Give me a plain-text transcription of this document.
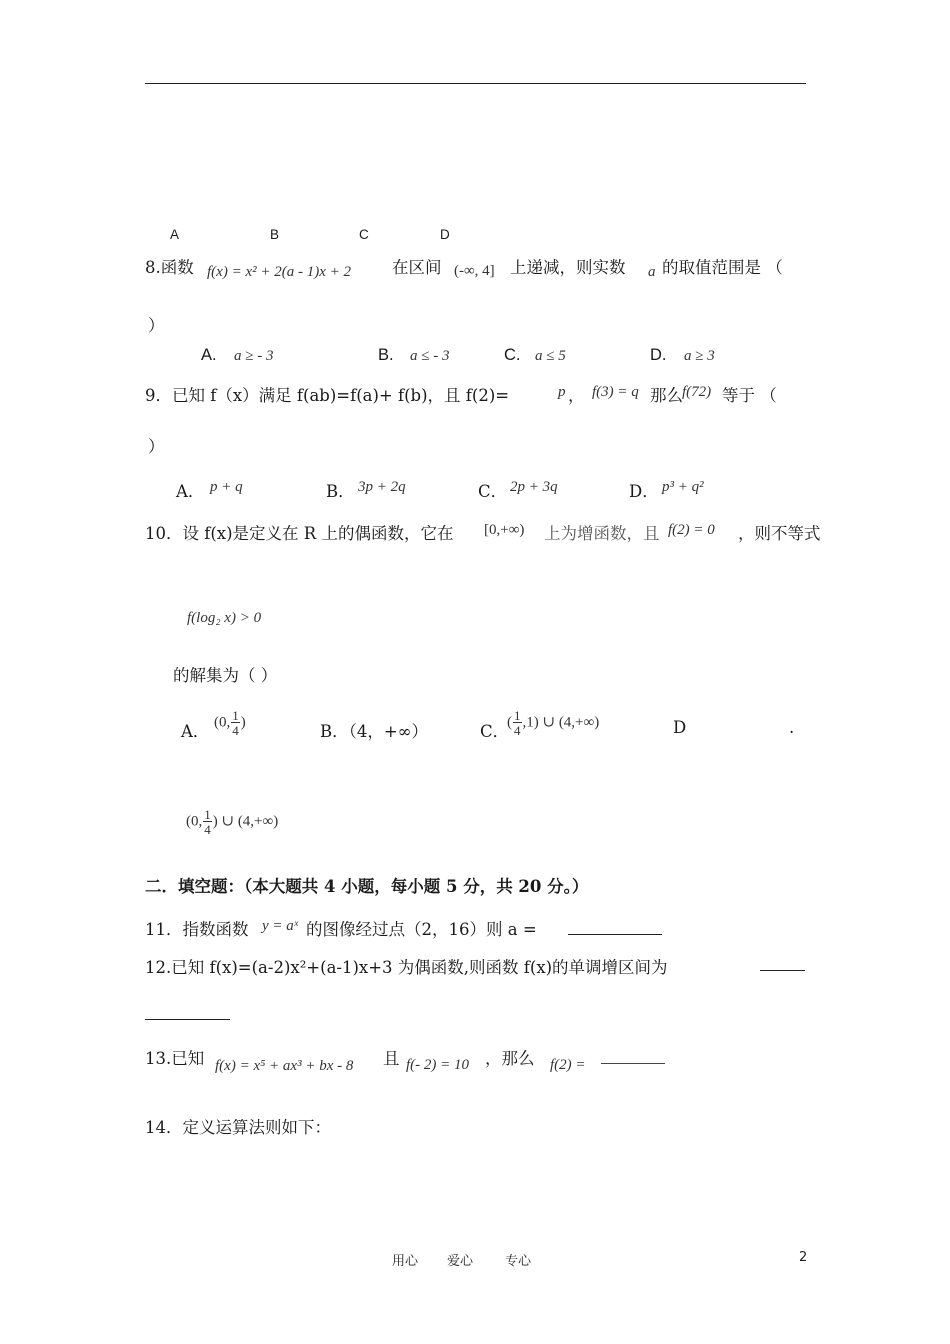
A	B	C	D
8.函数 f(x) = x² + 2(a - 1)x + 2 在区间 (-∞, 4] 上递减，则实数 a 的取值范围是 （
）
A. a ≥ - 3	B. a ≤ - 3	C. a ≤ 5	D. a ≥ 3
9．已知 f（x）满足 f(ab)=f(a)+ f(b)，且 f(2)=	p ， f(3) = q 那么 f(72) 等于 （
）
A． p + q	B． 3p + 2q	C． 2p + 3q	D． p³ + q²
10．设 f(x)是定义在 R 上的偶函数，它在 [0,+∞) 上为增函数，且 f(2) = 0 ，则不等式
f(log₂ x) > 0
的解集为（ ）
A． (0, $\frac{1}{4}$ )	B．（4，+∞）	C．
( $\frac{1}{4} ,1$) ∪ (4,+∞)	D	.
(0, $\frac{1}{4}$ ) ∪ (4,+∞)
二．填空题：（本大题共 4 小题，每小题 5 分，共 20 分。）
11．指数函数 y = aˣ 的图像经过点（2，16）则 a =
12.已知 f(x)=(a-2)x²+(a-1)x+3 为偶函数,则函数 f(x)的单调增区间为
13.已知 f(x) = x⁵ + ax³ + bx - 8 且 f(- 2) = 10 ，那么 f(2) =
14．定义运算法则如下：
用心 爱心 专心	2
